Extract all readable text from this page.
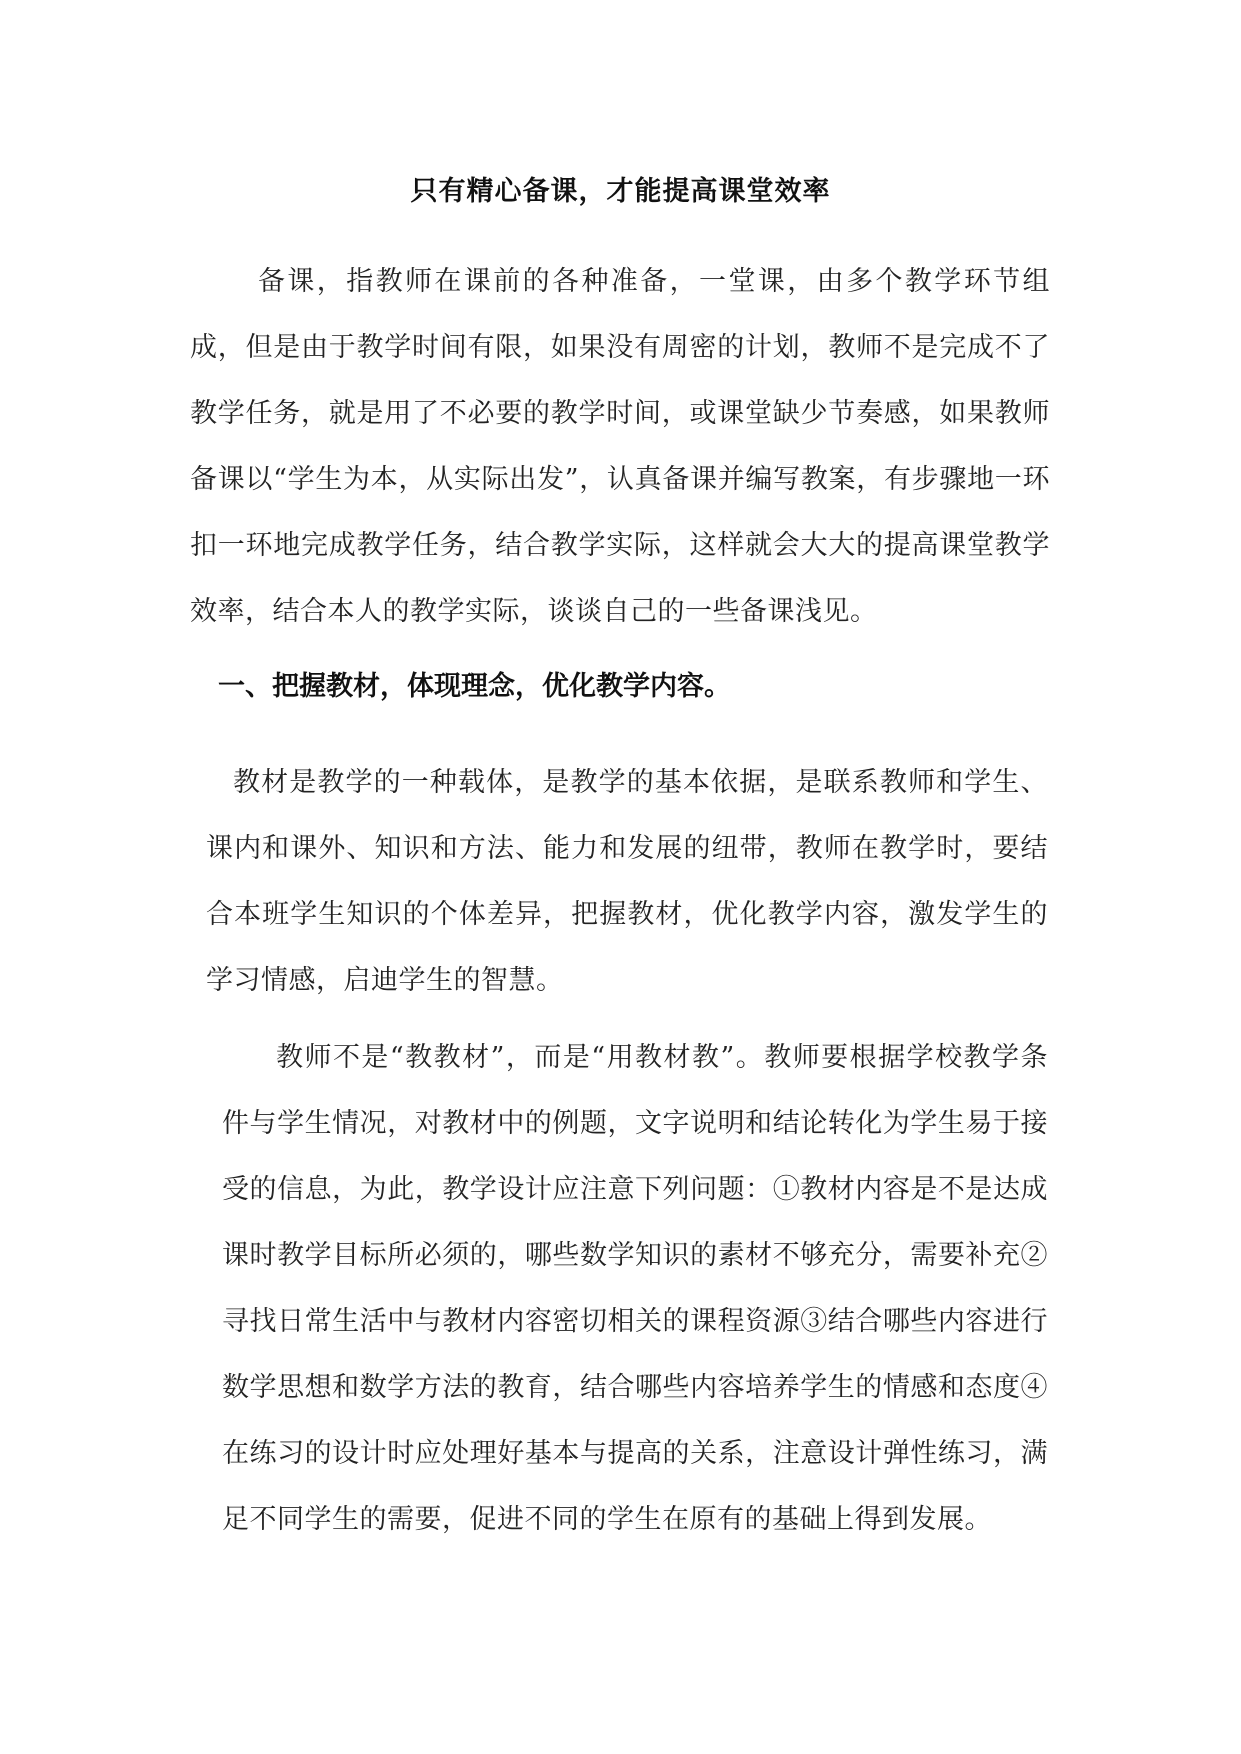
只有精心备课，才能提高课堂效率

备课，指教师在课前的各种准备，一堂课，由多个教学环节组成，但是由于教学时间有限，如果没有周密的计划，教师不是完成不了教学任务，就是用了不必要的教学时间，或课堂缺少节奏感，如果教师备课以“学生为本，从实际出发”，认真备课并编写教案，有步骤地一环扣一环地完成教学任务，结合教学实际，这样就会大大的提高课堂教学效率，结合本人的教学实际，谈谈自己的一些备课浅见。

一、把握教材，体现理念，优化教学内容。

教材是教学的一种载体，是教学的基本依据，是联系教师和学生、课内和课外、知识和方法、能力和发展的纽带，教师在教学时，要结合本班学生知识的个体差异，把握教材，优化教学内容，激发学生的学习情感，启迪学生的智慧。

教师不是“教教材”，而是“用教材教”。教师要根据学校教学条件与学生情况，对教材中的例题，文字说明和结论转化为学生易于接受的信息，为此，教学设计应注意下列问题：①教材内容是不是达成课时教学目标所必须的，哪些数学知识的素材不够充分，需要补充②寻找日常生活中与教材内容密切相关的课程资源③结合哪些内容进行数学思想和数学方法的教育，结合哪些内容培养学生的情感和态度④在练习的设计时应处理好基本与提高的关系，注意设计弹性练习，满足不同学生的需要，促进不同的学生在原有的基础上得到发展。
